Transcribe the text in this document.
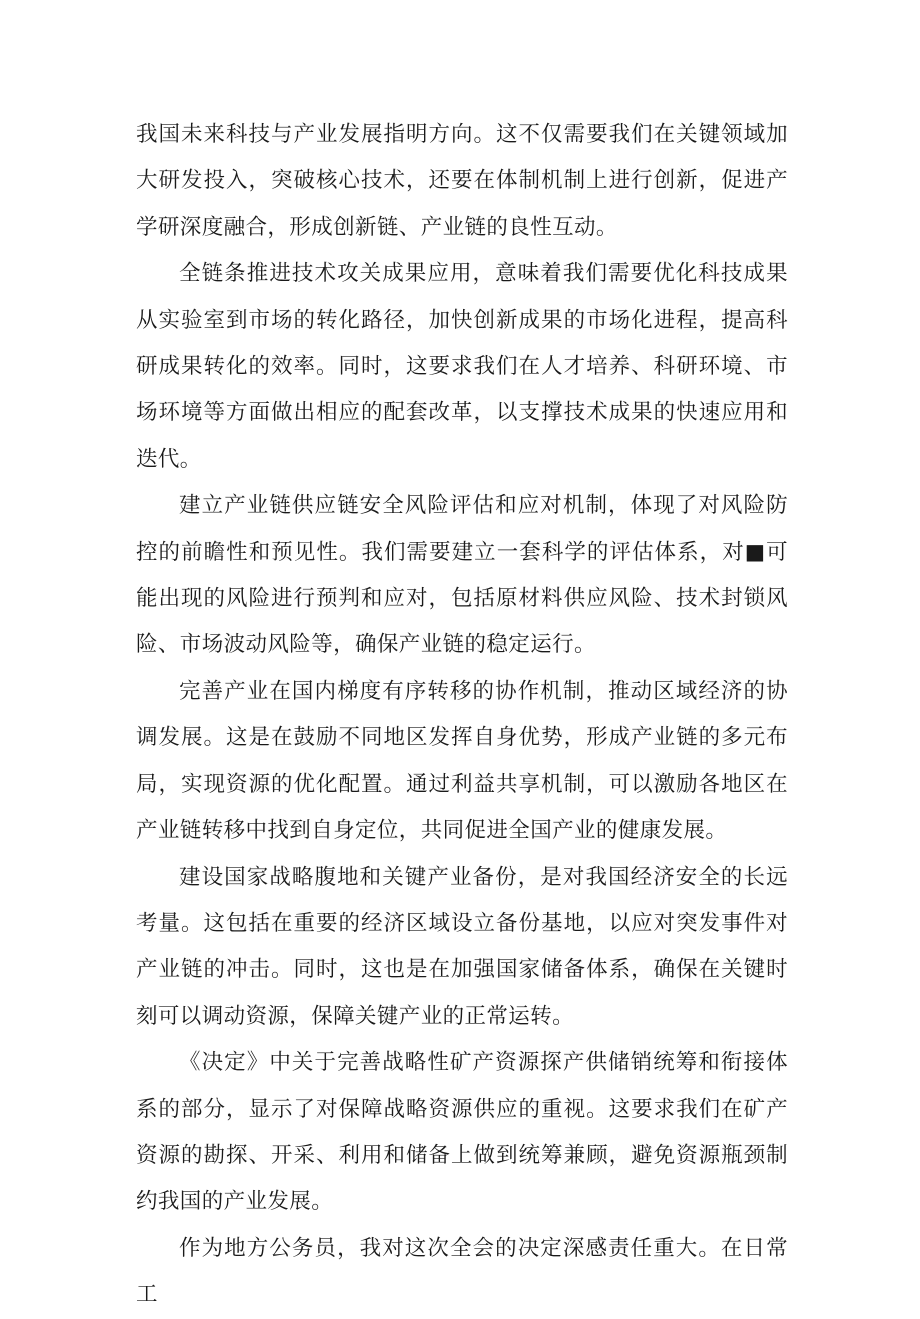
我国未来科技与产业发展指明方向。这不仅需要我们在关键领域加大研发投入，突破核心技术，还要在体制机制上进行创新，促进产学研深度融合，形成创新链、产业链的良性互动。

全链条推进技术攻关成果应用，意味着我们需要优化科技成果从实验室到市场的转化路径，加快创新成果的市场化进程，提高科研成果转化的效率。同时，这要求我们在人才培养、科研环境、市场环境等方面做出相应的配套改革，以支撑技术成果的快速应用和迭代。

建立产业链供应链安全风险评估和应对机制，体现了对风险防控的前瞻性和预见性。我们需要建立一套科学的评估体系，对■可能出现的风险进行预判和应对，包括原材料供应风险、技术封锁风险、市场波动风险等，确保产业链的稳定运行。

完善产业在国内梯度有序转移的协作机制，推动区域经济的协调发展。这是在鼓励不同地区发挥自身优势，形成产业链的多元布局，实现资源的优化配置。通过利益共享机制，可以激励各地区在产业链转移中找到自身定位，共同促进全国产业的健康发展。

建设国家战略腹地和关键产业备份，是对我国经济安全的长远考量。这包括在重要的经济区域设立备份基地，以应对突发事件对产业链的冲击。同时，这也是在加强国家储备体系，确保在关键时刻可以调动资源，保障关键产业的正常运转。

《决定》中关于完善战略性矿产资源探产供储销统筹和衔接体系的部分，显示了对保障战略资源供应的重视。这要求我们在矿产资源的勘探、开采、利用和储备上做到统筹兼顾，避免资源瓶颈制约我国的产业发展。

作为地方公务员，我对这次全会的决定深感责任重大。在日常工
